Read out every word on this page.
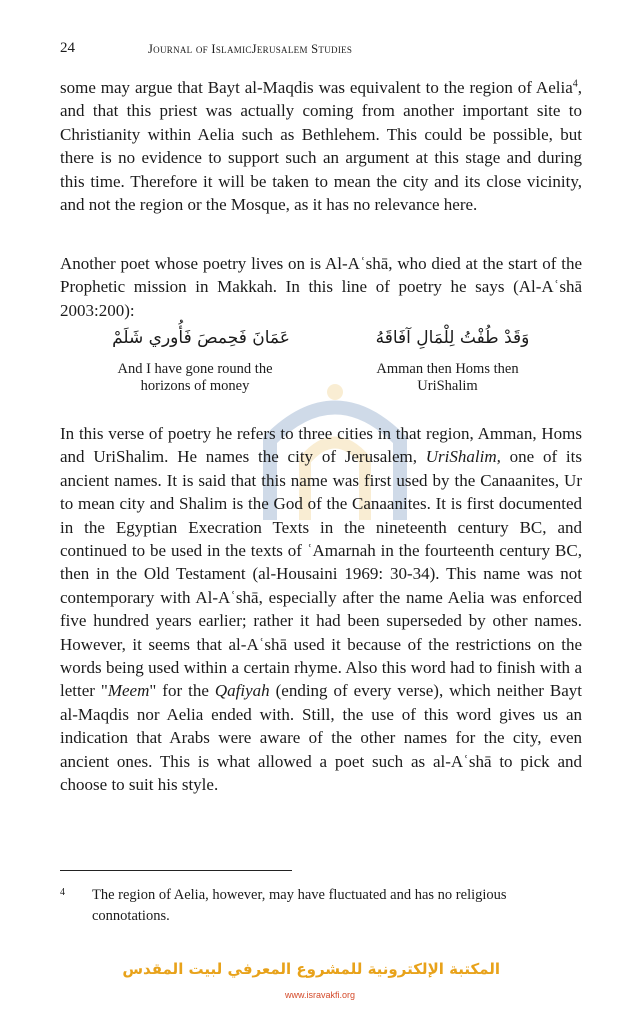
24	Journal of IslamicJerusalem Studies

some may argue that Bayt al-Maqdis was equivalent to the region of Aelia$^4$, and that this priest was actually coming from another important site to Christianity within Aelia such as Bethlehem. This could be possible, but there is no evidence to support such an argument at this stage and during this time. Therefore it will be taken to mean the city and its close vicinity, and not the region or the Mosque, as it has no relevance here.

Another poet whose poetry lives on is Al-Aʿshā, who died at the start of the Prophetic mission in Makkah. In this line of poetry he says (Al-Aʿshā 2003:200):

عَمَانَ فَحِمصَ فَأُوري شَلَمْ	وَقَدْ طُفْتُ لِلْمَالِ آفَاقَهُ
And I have gone round the horizons of money
Amman then Homs then UriShalim

In this verse of poetry he refers to three cities in that region, Amman, Homs and UriShalim. He names the city of Jerusalem, UriShalim, one of its ancient names. It is said that this name was first used by the Canaanites, Ur to mean city and Shalim is the God of the Canaanites. It is first documented in the Egyptian Execration Texts in the nineteenth century BC, and continued to be used in the texts of ʿAmarnah in the fourteenth century BC, then in the Old Testament (al-Housaini 1969: 30-34). This name was not contemporary with Al-Aʿshā, especially after the name Aelia was enforced five hundred years earlier; rather it had been superseded by other names. However, it seems that al-Aʿshā used it because of the restrictions on the words being used within a certain rhyme. Also this word had to finish with a letter "Meem" for the Qafiyah (ending of every verse), which neither Bayt al-Maqdis nor Aelia ended with. Still, the use of this word gives us an indication that Arabs were aware of the other names for the city, even ancient ones. This is what allowed a poet such as al-Aʿshā to pick and choose to suit his style.

4 The region of Aelia, however, may have fluctuated and has no religious connotations.
المكتبة الإلكترونية للمشروع المعرفي لبيت المقدس
www.isravakfi.org
